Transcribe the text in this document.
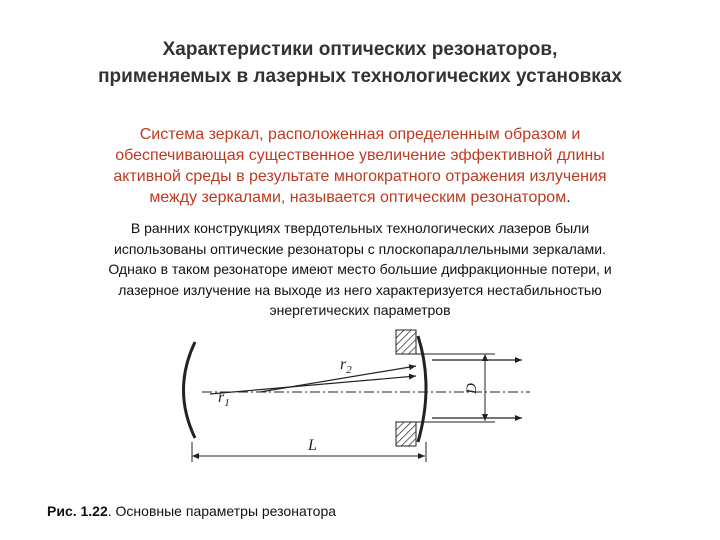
Характеристики оптических резонаторов,
применяемых в лазерных технологических установках
Система зеркал, расположенная определенным образом и
обеспечивающая существенное увеличение эффективной длины
активной среды в результате многократного отражения излучения
между зеркалами, называется оптическим резонатором.
В ранних конструкциях твердотельных технологических лазеров были
использованы оптические резонаторы с плоскопараллельными зеркалами.
Однако в таком резонаторе имеют место большие дифракционные потери, и
лазерное излучение на выходе из него характеризуется нестабильностью
энергетических параметров
$r_1$
$r_2$
D
L
Рис. 1.22. Основные параметры резонатора
